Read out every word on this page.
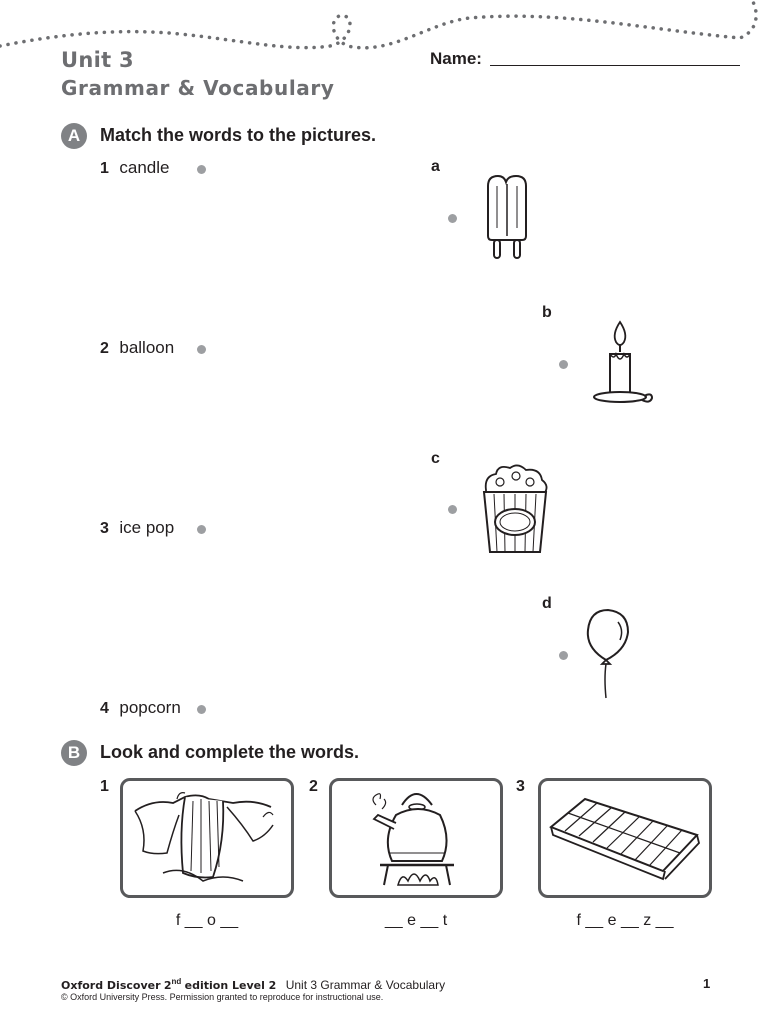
Unit 3
Grammar & Vocabulary
Name:
A	Match the words to the pictures.
1 candle
2 balloon
3 ice pop
4 popcorn
a
b
c
d
B	Look and complete the words.
1	2	3
f __ o __	__ e __ t	f __ e __ z __
Oxford Discover 2nd edition Level 2 Unit 3 Grammar & Vocabulary
© Oxford University Press. Permission granted to reproduce for instructional use.
1
